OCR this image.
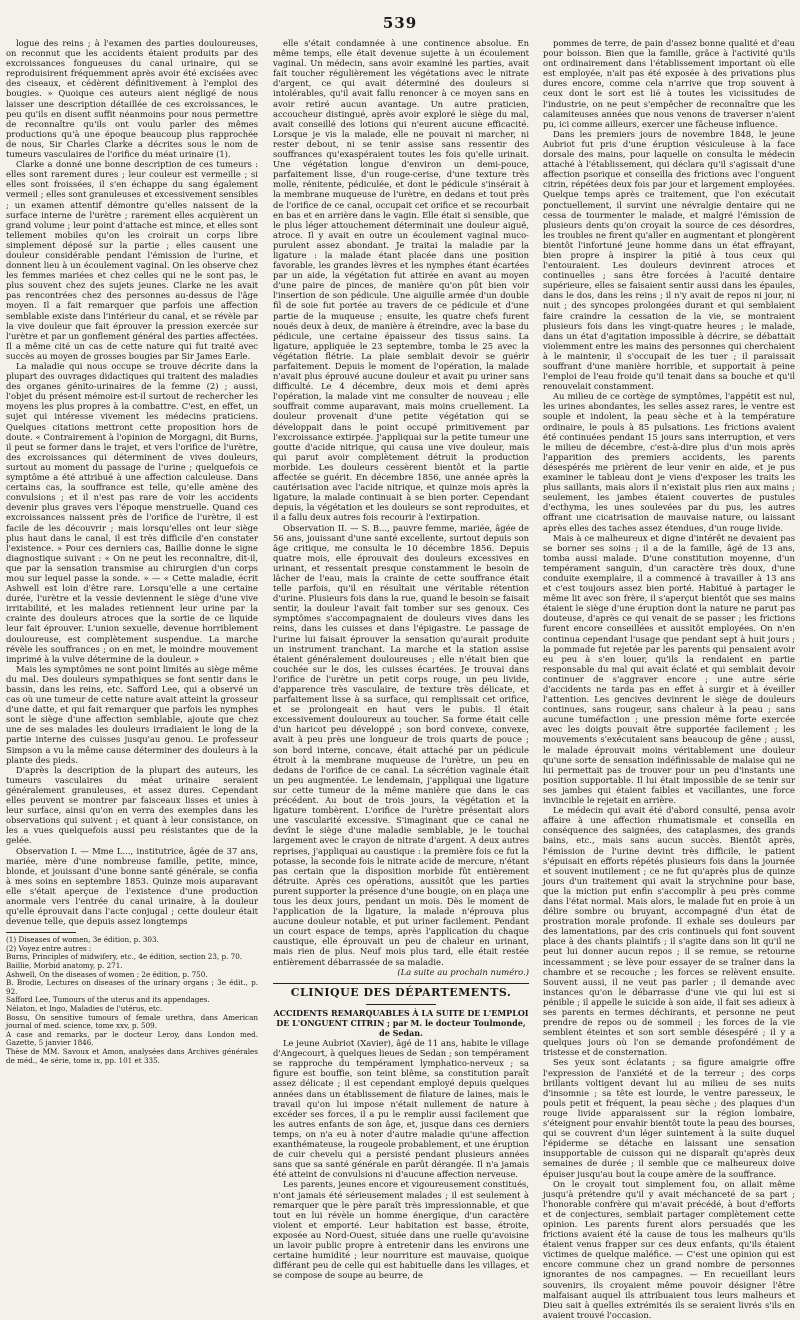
539

logue des reins ; à l'examen des parties douloureuses, on reconnut que les accidents étaient produits par des excroissances fongueuses du canal urinaire, qui se reproduisirent fréquemment après avoir été excisées avec des ciseaux, et cédèrent définitivement à l'emploi des bougies. » Quoique ces auteurs aient négligé de nous laisser une description détaillée de ces excroissances, le peu qu'ils en disent suffit néanmoins pour nous permettre de reconnaître qu'ils ont voulu parler des mêmes productions qu'à une époque beaucoup plus rapprochée de nous, Sir Charles Clarke a décrites sous le nom de tumeurs vasculaires de l'orifice du méat urinaire (1).

Clarke a donné une bonne description de ces tumeurs : elles sont rarement dures ; leur couleur est vermeille ; si elles sont froissées, il s'en échappe du sang également vermeil ; elles sont granuleuses et excessivement sensibles ; un examen attentif démontre qu'elles naissent de la surface interne de l'urètre ; rarement elles acquièrent un grand volume ; leur point d'attache est mince, et elles sont tellement mobiles qu'on les croirait un corps libre simplement déposé sur la partie ; elles causent une douleur considérable pendant l'émission de l'urine, et donnent lieu à un écoulement vaginal. On les observe chez les femmes mariées et chez celles qui ne le sont pas, le plus souvent chez des sujets jeunes. Clarke ne les avait pas rencontrées chez des personnes au-dessus de l'âge moyen. Il a fait remarquer que parfois une affection semblable existe dans l'intérieur du canal, et se révèle par la vive douleur que fait éprouver la pression exercée sur l'urètre et par un gonflement général des parties affectées. Il a même cité un cas de cette nature qui fut traité avec succès au moyen de grosses bougies par Sir James Earle.

La maladie qui nous occupe se trouve décrite dans la plupart des ouvrages didactiques qui traitent des maladies des organes génito-urinaires de la femme (2) ; aussi, l'objet du présent mémoire est-il surtout de rechercher les moyens les plus propres à la combattre. C'est, en effet, un sujet qui intéresse vivement les médecins praticiens. Quelques citations mettront cette proposition hors de doute. « Contrairement à l'opinion de Morgagni, dit Burns, il peut se former dans le trajet, et vers l'orifice de l'urètre, des excroissances qui déterminent de vives douleurs, surtout au moment du passage de l'urine ; quelquefois ce symptôme a été attribué à une affection calculeuse. Dans certains cas, la souffrance est telle, qu'elle amène des convulsions ; et il n'est pas rare de voir les accidents devenir plus graves vers l'époque menstruelle. Quand ces excroissances naissent près de l'orifice de l'urètre, il est facile de les découvrir ; mais lorsqu'elles ont leur siège plus haut dans le canal, il est très difficile d'en constater l'existence. » Pour ces derniers cas, Baillie donne le signe diagnostique suivant : « On ne peut les reconnaître, dit-il, que par la sensation transmise au chirurgien d'un corps mou sur lequel passe la sonde. » — « Cette maladie, écrit Ashwell est loin d'être rare. Lorsqu'elle a une certaine durée, l'urètre et la vessie deviennent le siège d'une vive irritabilité, et les malades retiennent leur urine par la crainte des douleurs atroces que la sortie de ce liquide leur fait éprouver. L'union sexuelle, devenue horriblement douloureuse, est complètement suspendue. La marche révèle les souffrances ; on en met, le moindre mouvement imprimé à la vulve détermine de la douleur. »

Mais les symptômes ne sont point limités au siège même du mal. Des douleurs sympathiques se font sentir dans le bassin, dans les reins, etc. Safford Lee, qui a observé un cas où une tumeur de cette nature avait atteint la grosseur d'une datte, et qui fait remarquer que parfois les nymphes sont le siège d'une affection semblable, ajoute que chez une de ses malades les douleurs irradiaient le long de la partie interne des cuisses jusqu'au genou. Le professeur Simpson a vu la même cause déterminer des douleurs à la plante des pieds.

D'après la description de la plupart des auteurs, les tumeurs vasculaires du méat urinaire seraient généralement granuleuses, et assez dures. Cependant elles peuvent se montrer par faisceaux lisses et unies à leur surface, ainsi qu'on en verra des exemples dans les observations qui suivent ; et quant à leur consistance, on les a vues quelquefois aussi peu résistantes que de la gelée.

Observation I. — Mme L..., institutrice, âgée de 37 ans, mariée, mère d'une nombreuse famille, petite, mince, blonde, et jouissant d'une bonne santé générale, se confia à mes soins en septembre 1853. Quinze mois auparavant elle s'était aperçue de l'existence d'une production anormale vers l'entrée du canal urinaire, à la douleur qu'elle éprouvait dans l'acte conjugal ; cette douleur était devenue telle, que depuis assez longtemps

(1) Diseases of women, 3e édition, p. 303.

(2) Voyez entre autres :

Burns, Principles of midwifery, etc., 4e édition, section 23, p. 70.

Baillie, Morbid anatomy, p. 271.

Ashwell, On the diseases of women ; 2e édition, p. 750.

B. Brodie, Lectures on diseases of the urinary organs ; 3e édit., p. 92.

Safford Lee, Tumours of the uterus and its appendages.

Nélaton, et Ingo, Maladies de l'utérus, etc.

Bossu, On sensitive tumours of female urethra, dans American journal of med. science, tome xxv, p. 509.

A case and remarks, par le docteur Leroy, dans London med. Gazette, 5 janvier 1846.

Thèse de MM. Savoux et Amon, analysées dans Archives générales de méd., 4e série, tome ix, pp. 101 et 335.

elle s'était condamnée à une continence absolue. En même temps, elle était devenue sujette à un écoulement vaginal. Un médecin, sans avoir examiné les parties, avait fait toucher régulièrement les végétations avec le nitrate d'argent, ce qui avait déterminé des douleurs si intolérables, qu'il avait fallu renoncer à ce moyen sans en avoir retiré aucun avantage. Un autre praticien, accoucheur distingué, après avoir exploré le siège du mal, avait conseillé des lotions qui n'eurent aucune efficacité. Lorsque je vis la malade, elle ne pouvait ni marcher, ni rester debout, ni se tenir assise sans ressentir des souffrances qu'exaspéraient toutes les fois qu'elle urinait. Une végétation longue d'environ un demi-pouce, parfaitement lisse, d'un rouge-cerise, d'une texture très molle, rénitente, pédiculée, et dont le pédicule s'insérait à la membrane muqueuse de l'urètre, en dedans et tout près de l'orifice de ce canal, occupait cet orifice et se recourbait en bas et en arrière dans le vagin. Elle était si sensible, que le plus léger attouchement déterminait une douleur aiguë, atroce. Il y avait en outre un écoulement vaginal muco-purulent assez abondant. Je traitai la maladie par la ligature : la malade étant placée dans une position favorable, les grandes lèvres et les nymphes étant écartées par un aide, la végétation fut attirée en avant au moyen d'une paire de pinces, de manière qu'on pût bien voir l'insertion de son pédicule. Une aiguille armée d'un double fil de soie fut portée au travers de ce pédicule et d'une partie de la muqueuse ; ensuite, les quatre chefs furent noués deux à deux, de manière à étreindre, avec la base du pédicule, une certaine épaisseur des tissus sains. La ligature, appliquée le 23 septembre, tomba le 25 avec la végétation flétrie. La plaie semblait devoir se guérir parfaitement. Depuis le moment de l'opération, la malade n'avait plus éprouvé aucune douleur et avait pu uriner sans difficulté. Le 4 décembre, deux mois et demi après l'opération, la malade vint me consulter de nouveau ; elle souffrait comme auparavant, mais moins cruellement. La douleur provenait d'une petite végétation qui se développait dans le point occupé primitivement par l'excroissance extirpée. J'appliquai sur la petite tumeur une goutte d'acide nitrique, qui causa une vive douleur, mais qui parut avoir complètement détruit la production morbide. Les douleurs cessèrent bientôt et la partie affectée se guérit. En décembre 1856, une année après la cautérisation avec l'acide nitrique, et quinze mois après la ligature, la malade continuait à se bien porter. Cependant depuis, la végétation et les douleurs se sont reproduites, et il a fallu deux autres fois recourir à l'extirpation.

Observation II. — S. B..., pauvre femme, mariée, âgée de 56 ans, jouissant d'une santé excellente, surtout depuis son âge critique, me consulta le 10 décembre 1856. Depuis quatre mois, elle éprouvait des douleurs excessives en urinant, et ressentait presque constamment le besoin de lâcher de l'eau, mais la crainte de cette souffrance était telle parfois, qu'il en résultait une véritable rétention d'urine. Plusieurs fois dans la rue, quand le besoin se faisait sentir, la douleur l'avait fait tomber sur ses genoux. Ces symptômes s'accompagnaient de douleurs vives dans les reins, dans les cuisses et dans l'épigastre. Le passage de l'urine lui faisait éprouver la sensation qu'aurait produite un instrument tranchant. La marche et la station assise étaient généralement douloureuses ; elle n'était bien que couchée sur le dos, les cuisses écartées. Je trouvai dans l'orifice de l'urètre un petit corps rouge, un peu livide, d'apparence très vasculaire, de texture très délicate, et parfaitement lisse à sa surface, qui remplissait cet orifice, et se prolongeait en haut vers le pubis. Il était excessivement douloureux au toucher. Sa forme était celle d'un haricot peu développé ; son bord convexe, convexe, avait à peu près une longueur de trois quarts de pouce ; son bord interne, concave, était attaché par un pédicule étroit à la membrane muqueuse de l'urètre, un peu en dedans de l'orifice de ce canal. La sécrétion vaginale était un peu augmentée. Le lendemain, j'appliquai une ligature sur cette tumeur de la même manière que dans le cas précédent. Au bout de trois jours, la végétation et la ligature tombèrent. L'orifice de l'urètre présentait alors une vascularité excessive. S'imaginant que ce canal ne devînt le siège d'une maladie semblable, je le touchai largement avec le crayon de nitrate d'argent. A deux autres reprises, j'appliquai au caustique : la première fois ce fut la potasse, la seconde fois le nitrate acide de mercure, n'étant pas certain que la disposition morbide fût entièrement détruite. Après ces opérations, aussitôt que les parties purent supporter la présence d'une bougie, on en plaça une tous les deux jours, pendant un mois. Dès le moment de l'application de la ligature, la malade n'éprouva plus aucune douleur notable, et put uriner facilement. Pendant un court espace de temps, après l'application du chaque caustique, elle éprouvait un peu de chaleur en urinant, mais rien de plus. Neuf mois plus tard, elle était restée entièrement débarrassée de sa maladie.

(La suite au prochain numéro.)

CLINIQUE DES DÉPARTEMENTS.

ACCIDENTS REMARQUABLES À LA SUITE DE L'EMPLOI DE L'ONGUENT CITRIN ; par M. le docteur Toulmonde, de Sedan.

Le jeune Aubriot (Xavier), âgé de 11 ans, habite le village d'Angecourt, à quelques lieues de Sedan ; son tempérament se rapproche du tempérament lymphatico-nerveux ; sa figure est bouffie, son teint blême, sa constitution paraît assez délicate ; il est cependant employé depuis quelques années dans un établissement de filature de laines, mais le travail qu'on lui impose n'était nullement de nature à excéder ses forces, il a pu le remplir aussi facilement que les autres enfants de son âge, et, jusque dans ces derniers temps, on n'a eu à noter d'autre maladie qu'une affection exanthémateuse, la rougeole probablement, et une éruption de cuir chevelu qui a persisté pendant plusieurs années sans que sa santé générale en parût dérangée. Il n'a jamais été atteint de convulsions ni d'aucune affection nerveuse.

Les parents, jeunes encore et vigoureusement constitués, n'ont jamais été sérieusement malades ; il est seulement à remarquer que le père paraît très impressionnable, et que tout en lui révèle un homme énergique, d'un caractère violent et emporté. Leur habitation est basse, étroite, exposée au Nord-Ouest, située dans une ruelle qu'avoisine un lavoir public propre à entretenir dans les environs une certaine humidité ; leur nourriture est mauvaise, quoique différant peu de celle qui est habituelle dans les villages, et se compose de soupe au beurre, de

pommes de terre, de pain d'assez bonne qualité et d'eau pour boisson. Bien que la famille, grâce à l'activité qu'ils ont ordinairement dans l'établissement important où elle est employée, n'ait pas été exposée à des privations plus dures encore, comme cela n'arrive que trop souvent à ceux dont le sort est lié à toutes les vicissitudes de l'industrie, on ne peut s'empêcher de reconnaître que les calamiteuses années que nous venons de traverser n'aient pu, ici comme ailleurs, exercer une fâcheuse influence.

Dans les premiers jours de novembre 1848, le jeune Aubriot fut pris d'une éruption vésiculeuse à la face dorsale des mains, pour laquelle on consulta le médecin attaché à l'établissement, qui déclara qu'il s'agissait d'une affection psorique et conseilla des frictions avec l'onguent citrin, répétées deux fois par jour et largement employées. Quelque temps après ce traitement, que l'on exécutait ponctuellement, il survint une névralgie dentaire qui ne cessa de tourmenter le malade, et malgré l'émission de plusieurs dents qu'on croyait la source de ces désordres, les troubles ne firent qu'aller en augmentant et plongèrent bientôt l'infortuné jeune homme dans un état effrayant, bien propre à inspirer la pitié à tous ceux qui l'entouraient. Les douleurs devinrent atroces et continuelles ; sans être forcées à l'acuité dentaire supérieure, elles se faisaient sentir aussi dans les épaules, dans le dos, dans les reins ; il n'y avait de repos ni jour, ni nuit ; des syncopes prolongées durant et qui semblaient faire craindre la cessation de la vie, se montraient plusieurs fois dans les vingt-quatre heures ; le malade, dans un état d'agitation impossible à décrire, se débattait violemment entre les mains des personnes qui cherchaient à le maintenir, il s'occupait de les tuer ; il paraissait souffrant d'une manière horrible, et supportait à peine l'emploi de l'eau froide qu'il tenait dans sa bouche et qu'il renouvelait constamment.

Au milieu de ce cortège de symptômes, l'appétit est nul, les urines abondantes, les selles assez rares, le ventre est souple et indolent, la peau sèche et à la température ordinaire, le pouls à 85 pulsations. Les frictions avaient été continuées pendant 15 jours sans interruption, et vers le milieu de décembre, c'est-à-dire plus d'un mois après l'apparition des premiers accidents, les parents désespérés me prièrent de leur venir en aide, et je pus examiner le tableau dont je viens d'exposer les traits les plus saillants, mais alors il n'existait plus rien aux mains ; seulement, les jambes étaient couvertes de pustules d'ecthyma, les unes soulevées par du pus, les autres offrant une cicatrisation de mauvaise nature, ou laissant après elles des taches assez étendues, d'un rouge livide.

Mais à ce malheureux et digne d'intérêt ne devaient pas se borner ses soins ; il a de la famille, âgé de 13 ans, tomba aussi malade. D'une constitution moyenne, d'un tempérament sanguin, d'un caractère très doux, d'une conduite exemplaire, il a commencé à travailler à 13 ans et c'est toujours assez bien porté. Habitué à partager le même lit avec son frère, il s'aperçut bientôt que ses mains étaient le siège d'une éruption dont la nature ne parut pas douteuse, d'après ce qui venait de se passer ; les frictions furent encore conseillées et aussitôt employées. On n'en continua cependant l'usage que pendant sept à huit jours ; la pommade fut rejetée par les parents qui pensaient avoir eu peu à s'en louer, qu'ils la rendaient en partie responsable du mal qui avait éclaté et qui semblait devoir continuer de s'aggraver encore ; une autre série d'accidents ne tarda pas en effet à surgir et à éveiller l'attention. Les gencives devinrent le siège de douleurs continues, sans rougeur, sans chaleur à la peau ; sans aucune tuméfaction ; une pression même forte exercée avec les doigts pouvait être supportée facilement ; les mouvements s'exécutaient sans beaucoup de gêne ; aussi, le malade éprouvait moins véritablement une douleur qu'une sorte de sensation indéfinissable de malaise qui ne lui permettait pas de trouver pour un peu d'instants une position supportable. Il lui était impossible de se tenir sur ses jambes qui étaient faibles et vacillantes, une force invincible le rejetait en arrière.

Le médecin qui avait été d'abord consulté, pensa avoir affaire à une affection rhumatismale et conseilla en conséquence des saignées, des cataplasmes, des grands bains, etc., mais sans aucun succès. Bientôt après, l'émission de l'urine devint très difficile, le patient s'épuisait en efforts répétés plusieurs fois dans la journée et souvent inutilement ; ce ne fut qu'après plus de quinze jours d'un traitement qui avait la strychnine pour base, que la miction put enfin s'accomplir à peu près comme dans l'état normal. Mais alors, le malade fut en proie à un délire sombre ou bruyant, accompagné d'un état de prostration morale profonde. Il exhale ses douleurs par des lamentations, par des cris continuels qui font souvent place à des chants plaintifs ; il s'agite dans son lit qu'il ne peut lui donner aucun repos ; il se remue, se retourne incessamment ; se lève pour essayer de se traîner dans la chambre et se recouche ; les forces se relèvent ensuite. Souvent aussi, il ne veut pas parler ; il demande avec instances qu'on le débarrasse d'une vie qui lui est si pénible ; il appelle le suicide à son aide, il fait ses adieux à ses parents en termes déchirants, et personne ne peut prendre de repos ou de sommeil ; les forces de la vie semblent éteintes et son sort semble désespéré ; il y a quelques jours où l'on se demande profondément de tristesse et de consternation.

Ses yeux sont éclatants ; sa figure amaigrie offre l'expression de l'anxiété et de la terreur ; des corps brillants voltigent devant lui au milieu de ses nuits d'insomnie ; sa tête est lourde, le ventre paresseux, le pouls petit et fréquent, la peau sèche ; des plaques d'un rouge livide apparaissent sur la région lombaire, s'éteignent pour envahir bientôt toute la peau des bourses, qui se couvrent d'un léger suintement à la suite duquel l'épiderme se détache en laissant une sensation insupportable de cuisson qui ne disparaît qu'après deux semaines de durée ; il semble que ce malheureux doive épuiser jusqu'au bout la coupe amère de la souffrance.

On le croyait tout simplement fou, on allait même jusqu'à prétendre qu'il y avait méchanceté de sa part ; l'honorable confrère qui m'avait précédé, à bout d'efforts et de conjectures, semblait partager complètement cette opinion. Les parents furent alors persuadés que les frictions avaient été la cause de tous les malheurs qu'ils étaient venus frapper sur ces deux enfants, qu'ils étaient victimes de quelque maléfice. — C'est une opinion qui est encore commune chez un grand nombre de personnes ignorantes de nos campagnes. — En recueillant leurs souvenirs, ils croyaient même pouvoir désigner l'être malfaisant auquel ils attribuaient tous leurs malheurs et Dieu sait à quelles extrémités ils se seraient livrés s'ils en avaient trouvé l'occasion.
